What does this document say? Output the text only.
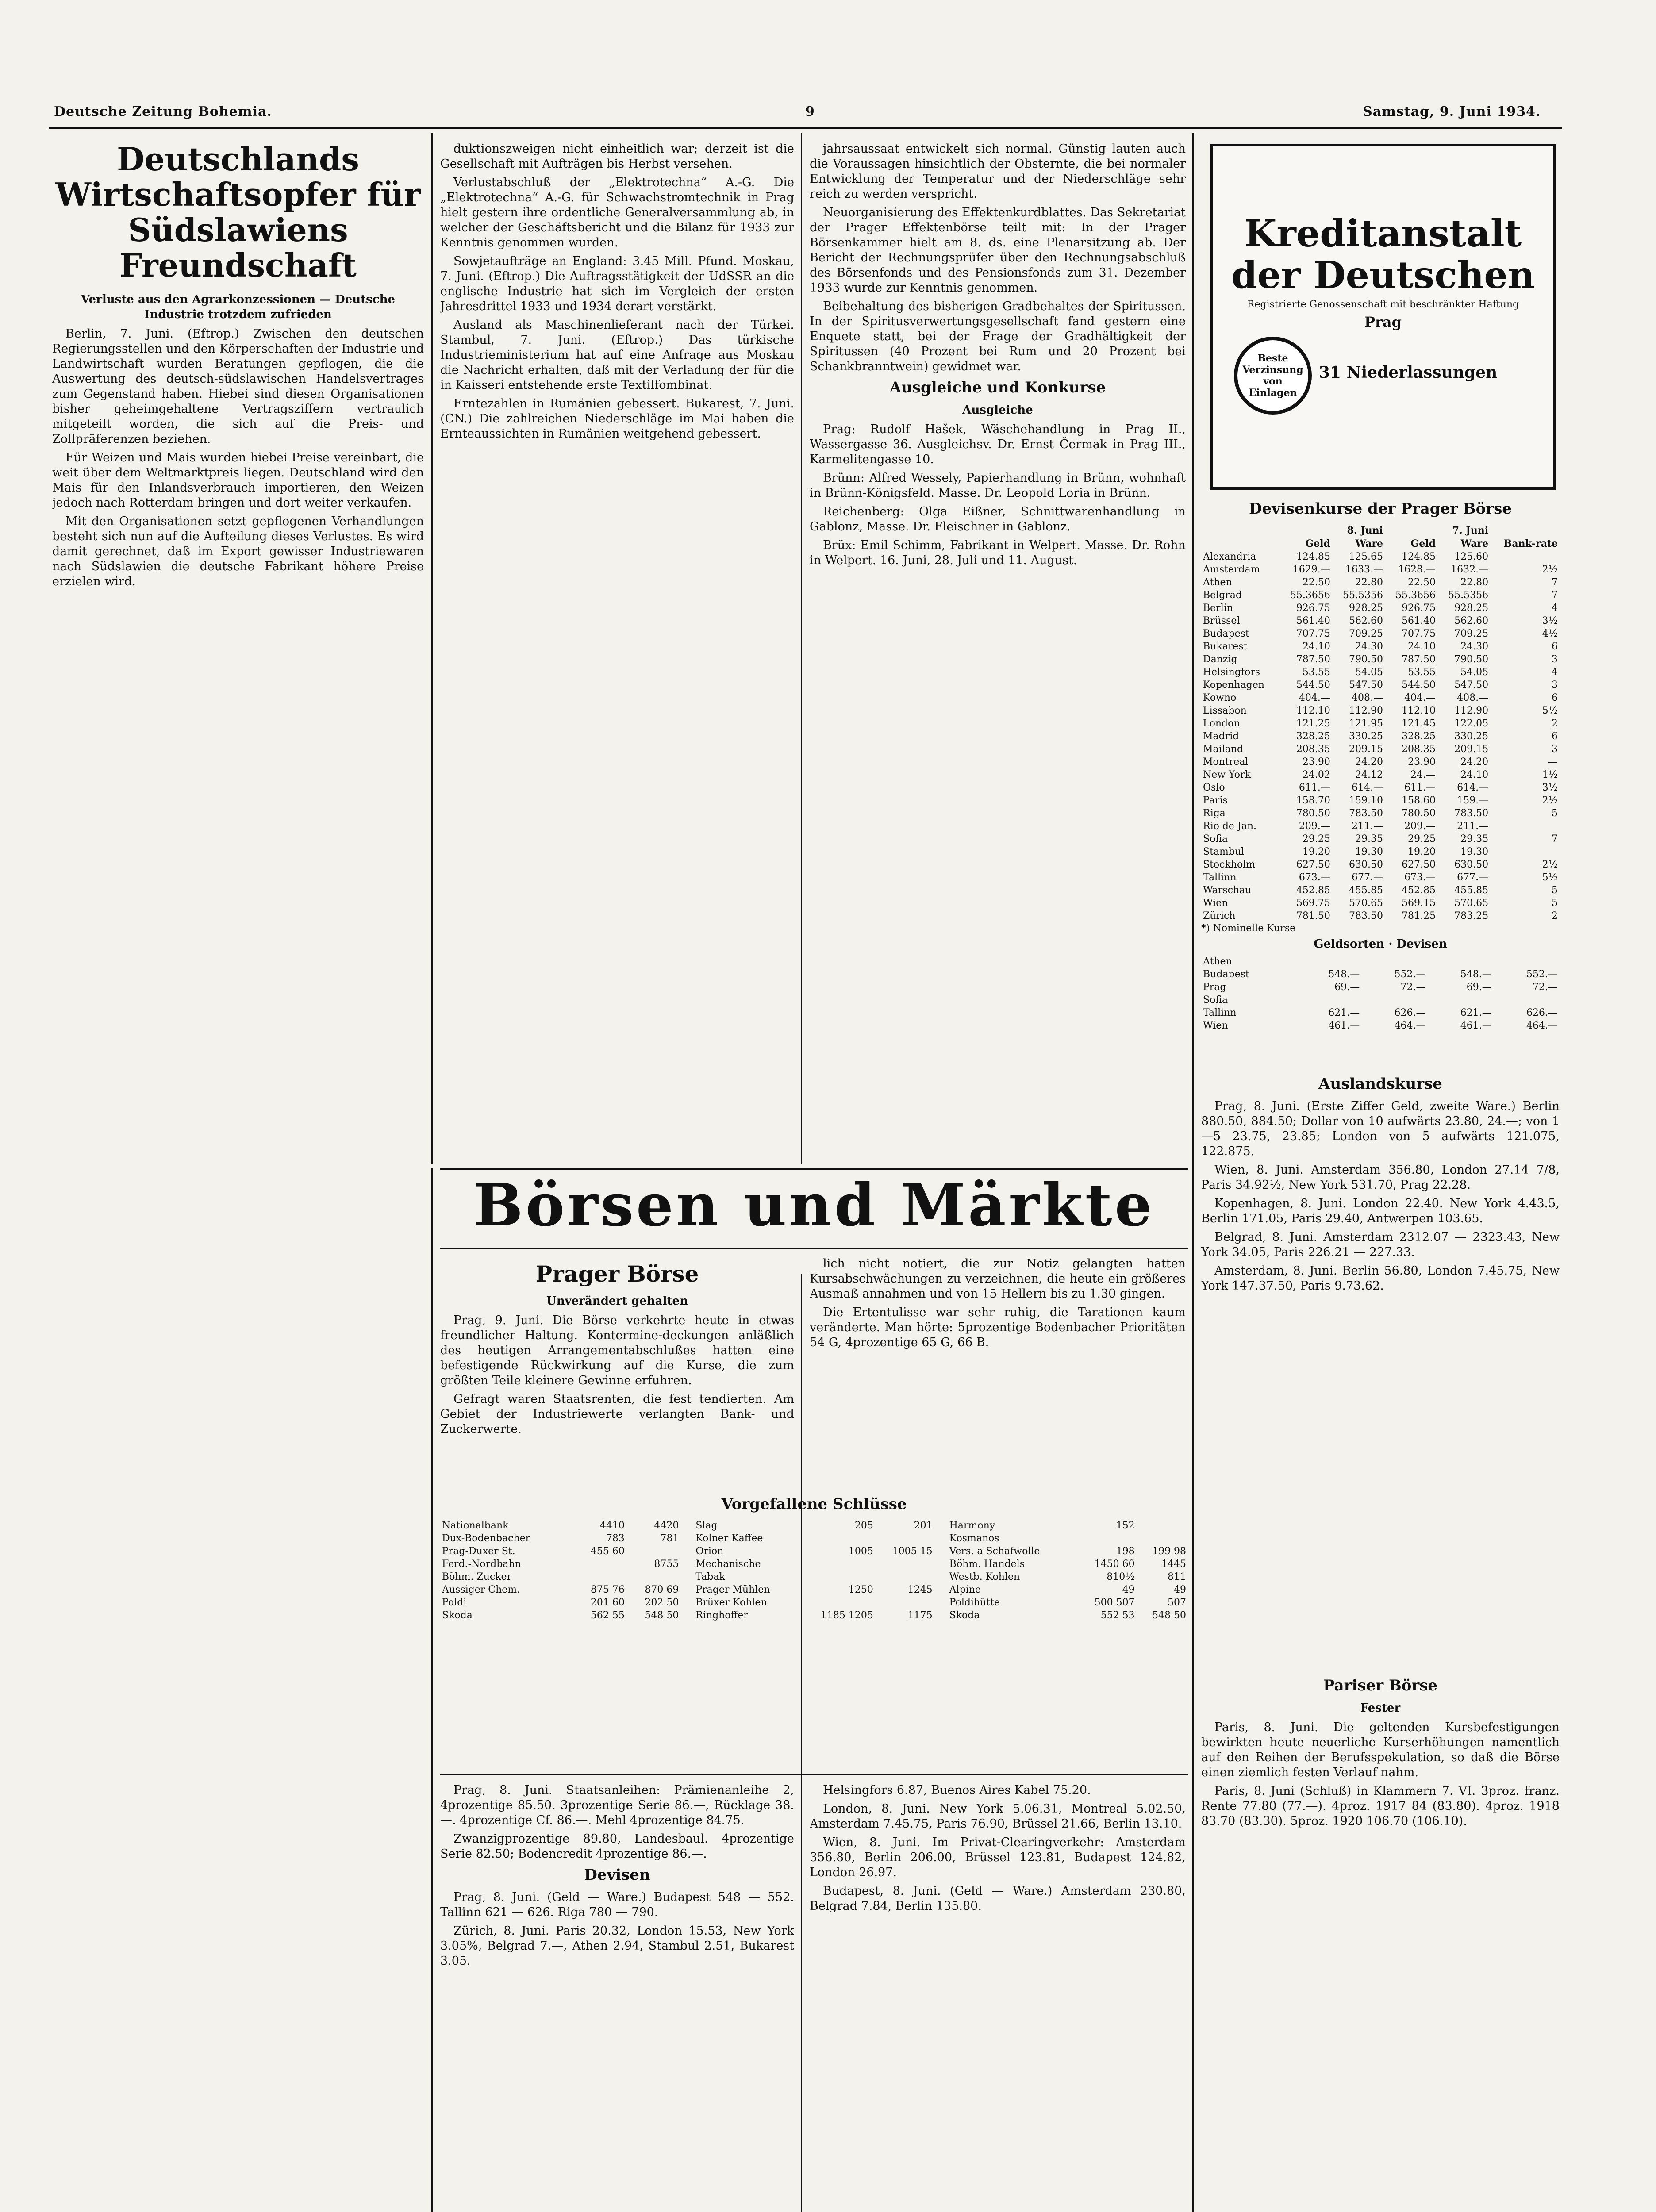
Deutsche Zeitung Bohemia.	9	Samstag, 9. Juni 1934.
Deutschlands Wirtschaftsopfer für Südslawiens Freundschaft
Verluste aus den Agrarkonzessionen — Deutsche Industrie trotzdem zufrieden

Berlin, 7. Juni. (Eftrop.) Zwischen den deutschen Regierungsstellen und den Körperschaften der Industrie und Landwirtschaft wurden Beratungen gepflogen, die die Auswertung des deutsch-südslawischen Handelsvertrages zum Gegenstand haben. Hiebei sind diesen Organisationen bisher geheimgehaltene Vertragsziffern vertraulich mitgeteilt worden, die sich auf die Preis- und Zollpräferenzen beziehen.

Für Weizen und Mais wurden hiebei Preise vereinbart, die weit über dem Weltmarktpreis liegen. Deutschland wird den Mais für den Inlandsverbrauch importieren, den Weizen jedoch nach Rotterdam bringen und dort weiter verkaufen.

Mit den Organisationen setzt gepflogenen Verhandlungen besteht sich nun auf die Aufteilung dieses Verlustes. Es wird damit gerechnet, daß im Export gewisser Industriewaren nach Südslawien die deutsche Fabrikant höhere Preise erzielen wird.

duktionszweigen nicht einheitlich war; derzeit ist die Gesellschaft mit Aufträgen bis Herbst versehen.

Verlustabschluß der „Elektrotechna“ A.-G. Die „Elektrotechna“ A.-G. für Schwachstromtechnik in Prag hielt gestern ihre ordentliche Generalversammlung ab, in welcher der Geschäftsbericht und die Bilanz für 1933 zur Kenntnis genommen wurden.

Sowjetaufträge an England: 3.45 Mill. Pfund. Moskau, 7. Juni. (Eftrop.) Die Auftragsstätigkeit der UdSSR an die englische Industrie hat sich im Vergleich der ersten Jahresdrittel 1933 und 1934 derart verstärkt.

Ausland als Maschinenlieferant nach der Türkei. Stambul, 7. Juni. (Eftrop.) Das türkische Industrieministerium hat auf eine Anfrage aus Moskau die Nachricht erhalten, daß mit der Verladung der für die in Kaisseri entstehende erste Textilfombinat.

Erntezahlen in Rumänien gebessert. Bukarest, 7. Juni. (CN.) Die zahlreichen Niederschläge im Mai haben die Ernteaussichten in Rumänien weitgehend gebessert.

jahrsaussaat entwickelt sich normal. Günstig lauten auch die Voraussagen hinsichtlich der Obsternte, die bei normaler Entwicklung der Temperatur und der Niederschläge sehr reich zu werden verspricht.

Neuorganisierung des Effektenkurdblattes. Das Sekretariat der Prager Effektenbörse teilt mit: In der Prager Börsenkammer hielt am 8. ds. eine Plenarsitzung ab. Der Bericht der Rechnungsprüfer über den Rechnungsabschluß des Börsenfonds und des Pensionsfonds zum 31. Dezember 1933 wurde zur Kenntnis genommen.

Beibehaltung des bisherigen Gradbehaltes der Spiritussen. In der Spiritusverwertungsgesellschaft fand gestern eine Enquete statt, bei der Frage der Gradhältigkeit der Spiritussen (40 Prozent bei Rum und 20 Prozent bei Schankbranntwein) gewidmet war.

Ausgleiche und Konkurse
Ausgleiche

Prag: Rudolf Hašek, Wäschehandlung in Prag II., Wassergasse 36. Ausgleichsv. Dr. Ernst Čermak in Prag III., Karmelitengasse 10.

Brünn: Alfred Wessely, Papierhandlung in Brünn, wohnhaft in Brünn-Königsfeld. Masse. Dr. Leopold Loria in Brünn.

Reichenberg: Olga Eißner, Schnittwarenhandlung in Gablonz, Masse. Dr. Fleischner in Gablonz.

Brüx: Emil Schimm, Fabrikant in Welpert. Masse. Dr. Rohn in Welpert. 16. Juni, 28. Juli und 11. August.

Kreditanstalt
der Deutschen
Registrierte Genossenschaft mit beschränkter Haftung
Prag
Beste Verzinsung von Einlagen
31 Niederlassungen
Devisenkurse der Prager Börse
	8. Juni		7. Juni		
	Geld	Ware	Geld	Ware	Bank-rate
Alexandria	124.85	125.65	124.85	125.60	
Amsterdam	1629.—	1633.—	1628.—	1632.—	2½
Athen	22.50	22.80	22.50	22.80	7
Belgrad	55.3656	55.5356	55.3656	55.5356	7
Berlin	926.75	928.25	926.75	928.25	4
Brüssel	561.40	562.60	561.40	562.60	3½
Budapest	707.75	709.25	707.75	709.25	4½
Bukarest	24.10	24.30	24.10	24.30	6
Danzig	787.50	790.50	787.50	790.50	3
Helsingfors	53.55	54.05	53.55	54.05	4
Kopenhagen	544.50	547.50	544.50	547.50	3
Kowno	404.—	408.—	404.—	408.—	6
Lissabon	112.10	112.90	112.10	112.90	5½
London	121.25	121.95	121.45	122.05	2
Madrid	328.25	330.25	328.25	330.25	6
Mailand	208.35	209.15	208.35	209.15	3
Montreal	23.90	24.20	23.90	24.20	—
New York	24.02	24.12	24.—	24.10	1½
Oslo	611.—	614.—	611.—	614.—	3½
Paris	158.70	159.10	158.60	159.—	2½
Riga	780.50	783.50	780.50	783.50	5
Rio de Jan.	209.—	211.—	209.—	211.—	
Sofia	29.25	29.35	29.25	29.35	7
Stambul	19.20	19.30	19.20	19.30	
Stockholm	627.50	630.50	627.50	630.50	2½
Tallinn	673.—	677.—	673.—	677.—	5½
Warschau	452.85	455.85	452.85	455.85	5
Wien	569.75	570.65	569.15	570.65	5
Zürich	781.50	783.50	781.25	783.25	2
*) Nominelle Kurse
Geldsorten · Devisen
Athen				
Budapest	548.—	552.—	548.—	552.—
Prag	69.—	72.—	69.—	72.—
Sofia				
Tallinn	621.—	626.—	621.—	626.—
Wien	461.—	464.—	461.—	464.—
Auslandskurse

Prag, 8. Juni. (Erste Ziffer Geld, zweite Ware.) Berlin 880.50, 884.50; Dollar von 10 aufwärts 23.80, 24.—; von 1—5 23.75, 23.85; London von 5 aufwärts 121.075, 122.875.

Wien, 8. Juni. Amsterdam 356.80, London 27.14 7/8, Paris 34.92½, New York 531.70, Prag 22.28.

Kopenhagen, 8. Juni. London 22.40. New York 4.43.5, Berlin 171.05, Paris 29.40, Antwerpen 103.65.

Belgrad, 8. Juni. Amsterdam 2312.07 — 2323.43, New York 34.05, Paris 226.21 — 227.33.

Amsterdam, 8. Juni. Berlin 56.80, London 7.45.75, New York 147.37.50, Paris 9.73.62.

Pariser Börse
Fester

Paris, 8. Juni. Die geltenden Kursbefestigungen bewirkten heute neuerliche Kurserhöhungen namentlich auf den Reihen der Berufsspekulation, so daß die Börse einen ziemlich festen Verlauf nahm.

Paris, 8. Juni (Schluß) in Klammern 7. VI. 3proz. franz. Rente 77.80 (77.—). 4proz. 1917 84 (83.80). 4proz. 1918 83.70 (83.30). 5proz. 1920 106.70 (106.10).

Börsen und Märkte
Prager Börse
Unverändert gehalten

Prag, 9. Juni. Die Börse verkehrte heute in etwas freundlicher Haltung. Kontermine-deckungen anläßlich des heutigen Arrangementabschlußes hatten eine befestigende Rückwirkung auf die Kurse, die zum größten Teile kleinere Gewinne erfuhren.

Gefragt waren Staatsrenten, die fest tendierten. Am Gebiet der Industriewerte verlangten Bank- und Zuckerwerte.

lich nicht notiert, die zur Notiz gelangten hatten Kursabschwächungen zu verzeichnen, die heute ein größeres Ausmaß annahmen und von 15 Hellern bis zu 1.30 gingen.

Die Ertentulisse war sehr ruhig, die Tarationen kaum veränderte. Man hörte: 5prozentige Bodenbacher Prioritäten 54 G, 4prozentige 65 G, 66 B.

Vorgefallene Schlüsse
Nationalbank	4410	4420
Dux-Bodenbacher	783	781
Prag-Duxer St.	455 60	
Ferd.-Nordbahn		8755
Böhm. Zucker		
Aussiger Chem.	875 76	870 69
Poldi	201 60	202 50
Skoda	562 55	548 50
Slag	205	201
Kolner Kaffee		
Orion	1005	1005 15
Mechanische		
Tabak		
Prager Mühlen	1250	1245
Brüxer Kohlen		
Ringhoffer	1185 1205	1175
Harmony	152	
Kosmanos		
Vers. a Schafwolle	198	199 98
Böhm. Handels	1450 60	1445
Westb. Kohlen	810½	811
Alpine	49	49
Poldihütte	500 507	507
Skoda	552 53	548 50

Prag, 8. Juni. Staatsanleihen: Prämienanleihe 2, 4prozentige 85.50. 3prozentige Serie 86.—, Rücklage 38.—. 4prozentige Cf. 86.—. Mehl 4prozentige 84.75.

Zwanzigprozentige 89.80, Landesbaul. 4prozentige Serie 82.50; Bodencredit 4prozentige 86.—.

Devisen

Prag, 8. Juni. (Geld — Ware.) Budapest 548 — 552. Tallinn 621 — 626. Riga 780 — 790.

Zürich, 8. Juni. Paris 20.32, London 15.53, New York 3.05%, Belgrad 7.—, Athen 2.94, Stambul 2.51, Bukarest 3.05.

Helsingfors 6.87, Buenos Aires Kabel 75.20.

London, 8. Juni. New York 5.06.31, Montreal 5.02.50, Amsterdam 7.45.75, Paris 76.90, Brüssel 21.66, Berlin 13.10.

Wien, 8. Juni. Im Privat-Clearingverkehr: Amsterdam 356.80, Berlin 206.00, Brüssel 123.81, Budapest 124.82, London 26.97.

Budapest, 8. Juni. (Geld — Ware.) Amsterdam 230.80, Belgrad 7.84, Berlin 135.80.
